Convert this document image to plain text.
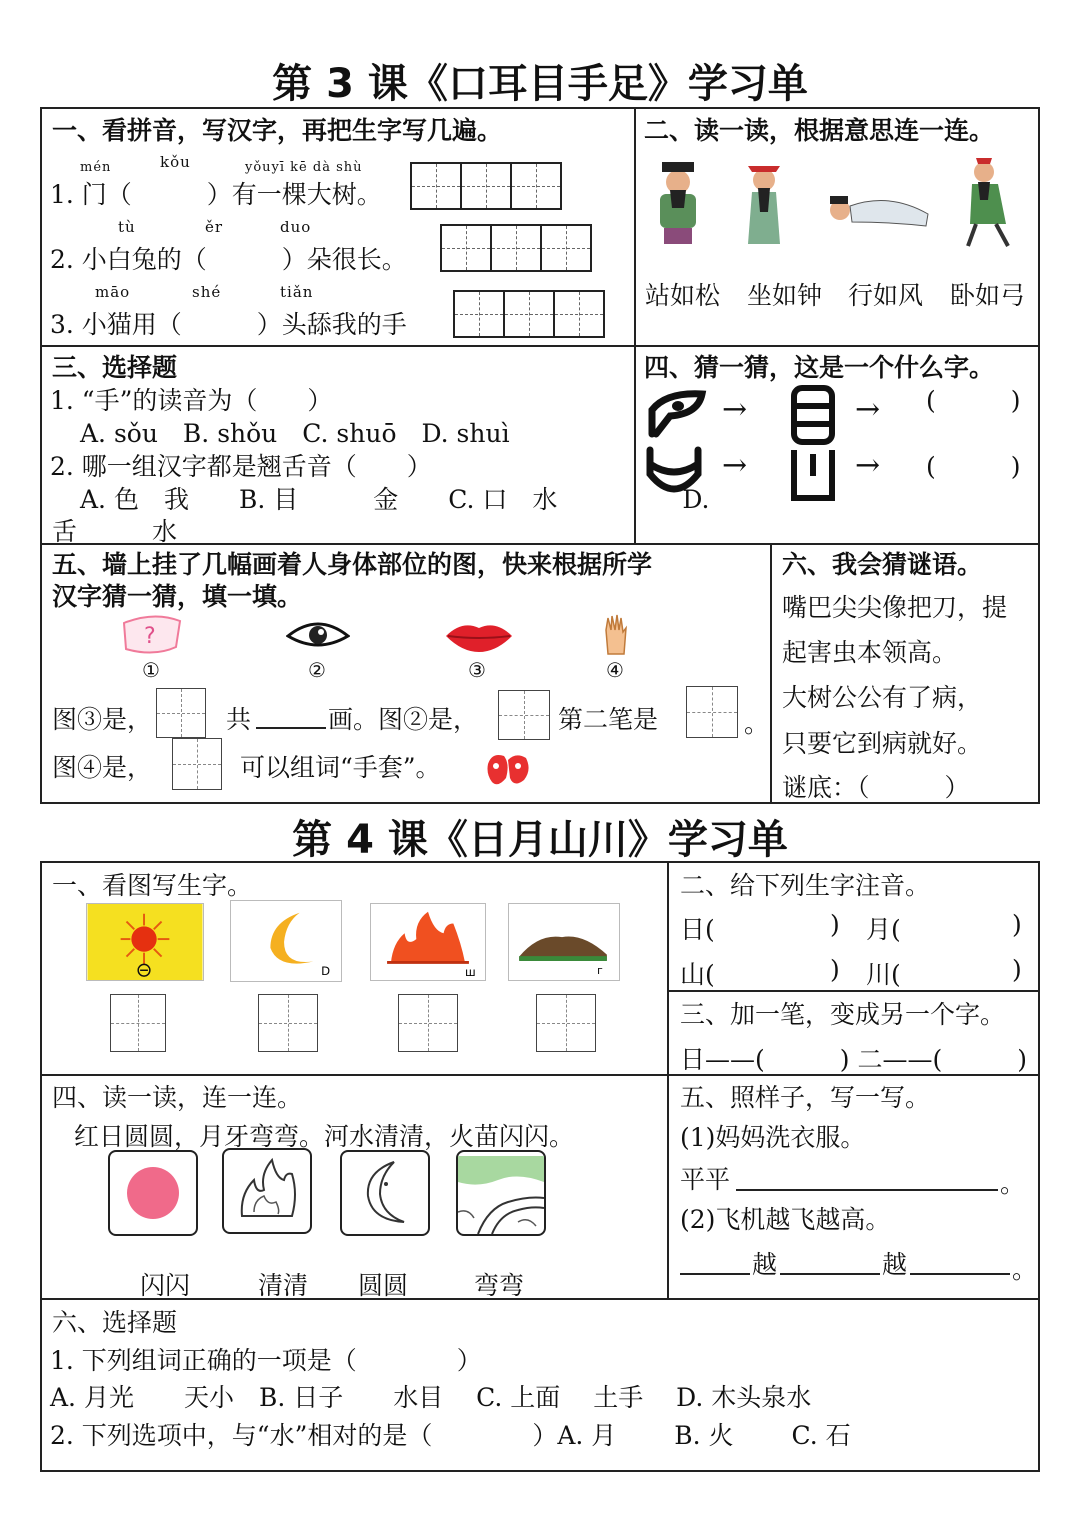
第 3 课《口耳目手足》学习单
一、看拼音，写汉字，再把生字写几遍。
mén	kǒu	yǒuyī kē dà shù
1. 门（　　　）有一棵大树。
tù	ěr	duo
2. 小白兔的（　　　）朵很长。
māo	shé	tiǎn
3. 小猫用（　　　）头舔我的手
二、读一读，根据意思连一连。
站如松 坐如钟 行如风 卧如弓
三、选择题
1. “手”的读音为（　　）
A. sǒu　B. shǒu　C. shuō　D. shuì
2. 哪一组汉字都是翘舌音（　　）
A. 色　我　　B. 目　　　金　　C. 口　水　　　　　D.
舌　　　水
四、猜一猜，这是一个什么字。
→
→
→
→
(　　　)
(　　　)
五、墙上挂了几幅画着人身体部位的图，快来根据所学
汉字猜一猜，填一填。
?
①	②	③	④
图③是，	共	画。图②是，	第二笔是	。
图④是，	可以组词“手套”。
六、我会猜谜语。
嘴巴尖尖像把刀，提
起害虫本领高。
大树公公有了病，
只要它到病就好。
谜底：（　　　）
第 4 课《日月山川》学习单
一、看图写生字。
D	ш	г
二、给下列生字注音。
日(	) 月(	)
山(	) 川(	)
三、加一笔，变成另一个字。
日——(　　　) 二——(　　　)
四、读一读，连一连。
红日圆圆，月牙弯弯。河水清清，火苗闪闪。
闪闪	清清 圆圆	弯弯
五、照样子，写一写。
(1)妈妈洗衣服。
平平	。
(2)飞机越飞越高。
越	越	。
六、选择题
1. 下列组词正确的一项是（　　　　）
A. 月光　　天小　B. 日子　　水目　 C. 上面　 土手　 D. 木头泉水
2. 下列选项中，与“水”相对的是（　　　　）A. 月　　 B. 火　　 C. 石
